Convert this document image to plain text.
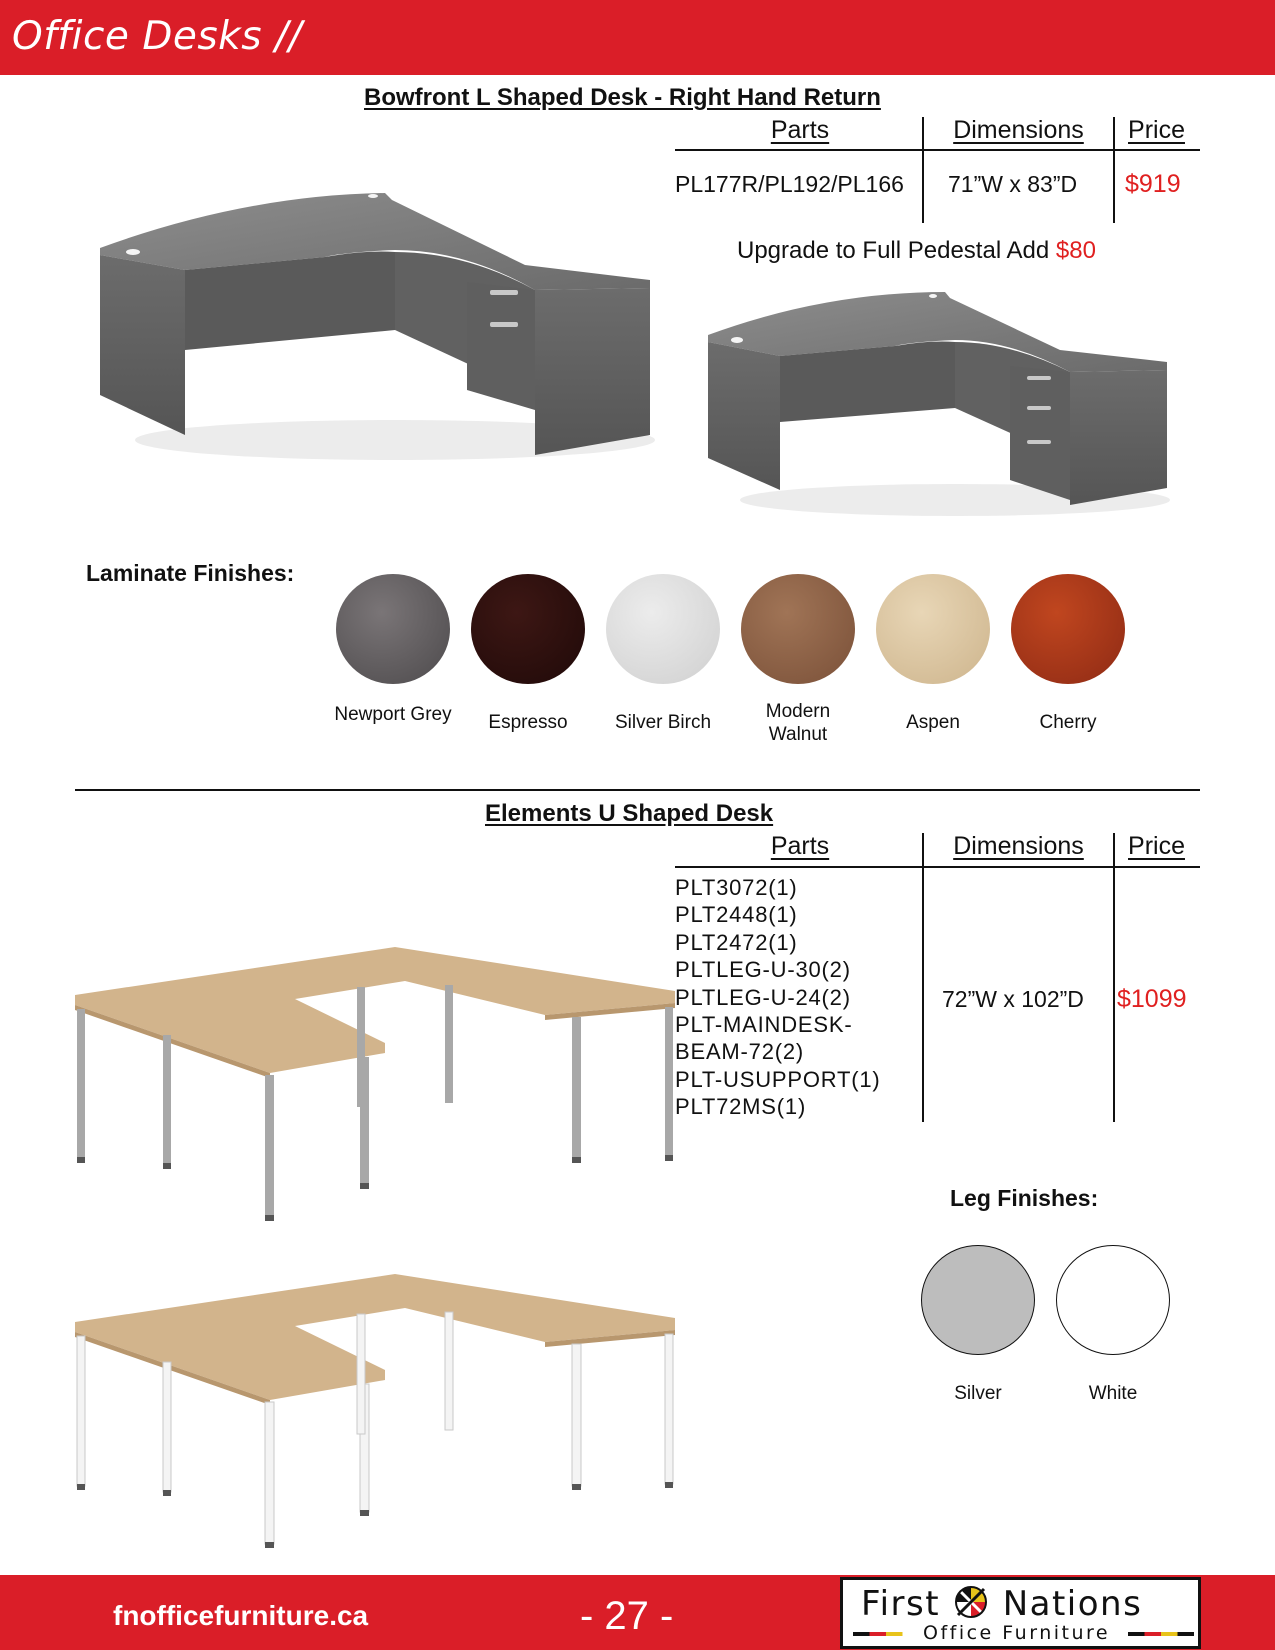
Office Desks //
Bowfront L Shaped Desk - Right Hand Return
Parts	Dimensions	Price
PL177R/PL192/PL166 71”W x 83”D $919
Upgrade to Full Pedestal Add $80
Laminate Finishes:
Newport Grey	Espresso	Silver Birch
Modern Walnut
Aspen	Cherry
Elements U Shaped Desk
Parts	Dimensions	Price
PLT3072(1)
PLT2448(1)
PLT2472(1)
PLTLEG-U-30(2)
PLTLEG-U-24(2)
PLT-MAINDESK-
BEAM-72(2)
PLT-USUPPORT(1)
PLT72MS(1)
72”W x 102”D $1099
Leg Finishes:
Silver	White
fnofficefurniture.ca	- 27 -	First Nations
Office Furniture
